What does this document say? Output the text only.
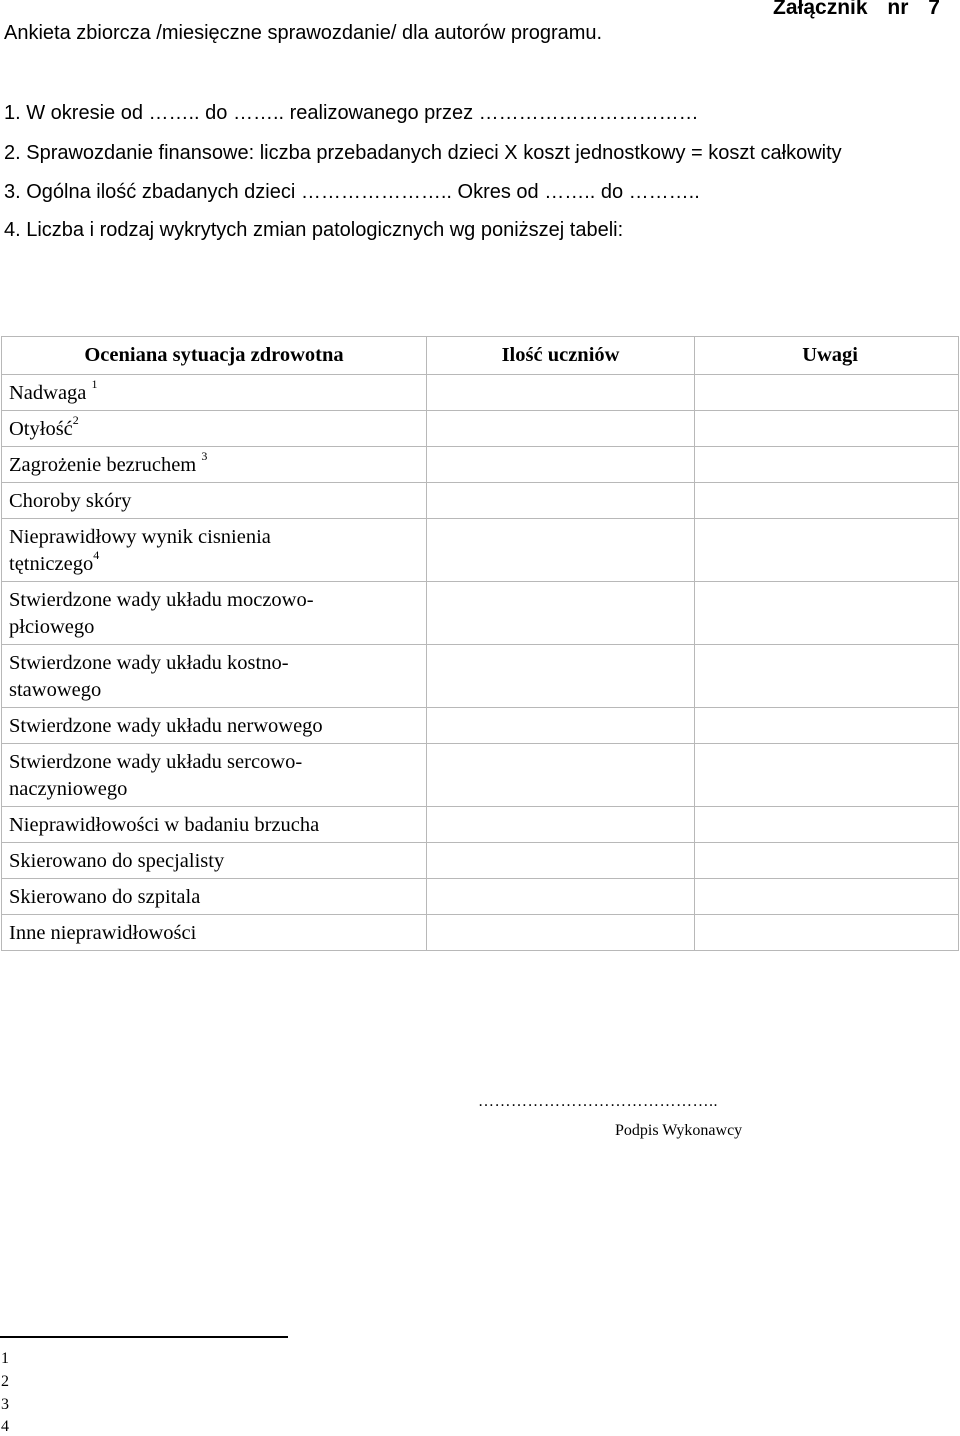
Ankieta zbiorcza /miesięczne sprawozdanie/ dla autorów programu.
Załącznik nr 7
1. W okresie od …….. do …….. realizowanego przez ……………………………
2. Sprawozdanie finansowe: liczba przebadanych dzieci X koszt jednostkowy = koszt całkowity
3. Ogólna ilość zbadanych dzieci ………………….. Okres od …….. do ………..
4. Liczba i rodzaj wykrytych zmian patologicznych wg poniższej tabeli:
Oceniana sytuacja zdrowotna	Ilość uczniów	Uwagi
Nadwaga $^1$		
Otyłość$^2$		
Zagrożenie bezruchem $^3$		
Choroby skóry		
Nieprawidłowy wynik cisnienia tętniczego$^4$		
Stwierdzone wady układu moczowo-płciowego		
Stwierdzone wady układu kostno-stawowego		
Stwierdzone wady układu nerwowego		
Stwierdzone wady układu sercowo-naczyniowego		
Nieprawidłowości w badaniu brzucha		
Skierowano do specjalisty		
Skierowano do szpitala		
Inne nieprawidłowości		
……………………………………..
Podpis Wykonawcy
1
2
3
4
